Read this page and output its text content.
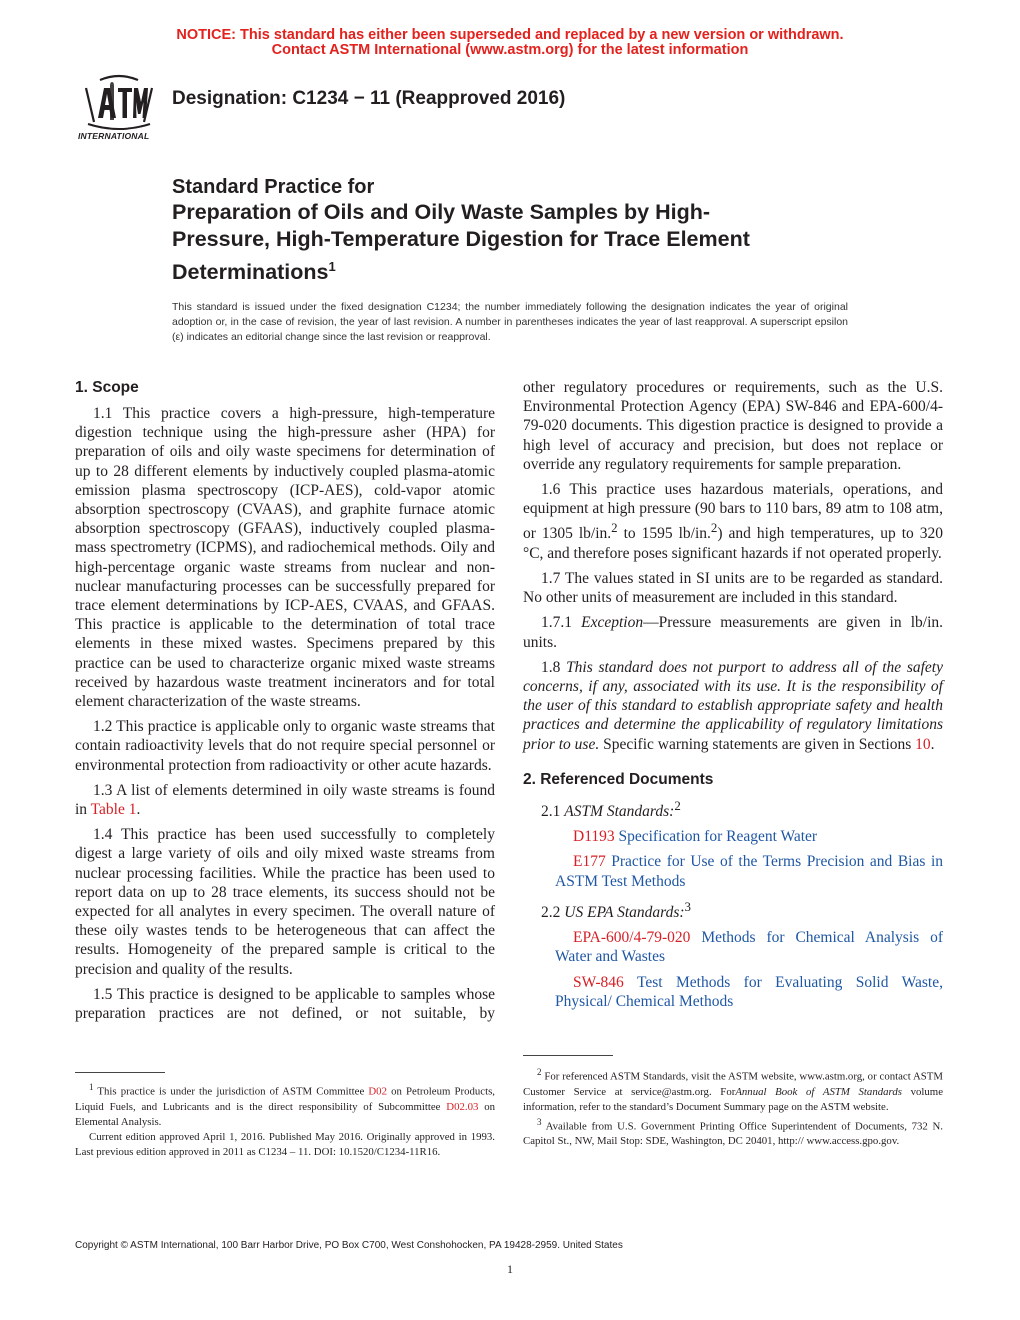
NOTICE: This standard has either been superseded and replaced by a new version or withdrawn.
Contact ASTM International (www.astm.org) for the latest information
INTERNATIONAL
Designation: C1234 − 11 (Reapproved 2016)
Standard Practice for
Preparation of Oils and Oily Waste Samples by High-
Pressure, High-Temperature Digestion for Trace Element
Determinations$^1$
This standard is issued under the fixed designation C1234; the number immediately following the designation indicates the year of original adoption or, in the case of revision, the year of last revision. A number in parentheses indicates the year of last reapproval. A superscript epsilon (ε) indicates an editorial change since the last revision or reapproval.
1. Scope

1.1 This practice covers a high-pressure, high-temperature digestion technique using the high-pressure asher (HPA) for preparation of oils and oily waste specimens for determination of up to 28 different elements by inductively coupled plasma-atomic emission plasma spectroscopy (ICP-AES), cold-vapor atomic absorption spectroscopy (CVAAS), and graphite furnace atomic absorption spectroscopy (GFAAS), inductively coupled plasma-mass spectrometry (ICPMS), and radiochemical methods. Oily and high-percentage organic waste streams from nuclear and non-nuclear manufacturing processes can be successfully prepared for trace element determinations by ICP-AES, CVAAS, and GFAAS. This practice is applicable to the determination of total trace elements in these mixed wastes. Specimens prepared by this practice can be used to characterize organic mixed waste streams received by hazardous waste treatment incinerators and for total element characterization of the waste streams.

1.2 This practice is applicable only to organic waste streams that contain radioactivity levels that do not require special personnel or environmental protection from radioactivity or other acute hazards.

1.3 A list of elements determined in oily waste streams is found in Table 1.

1.4 This practice has been used successfully to completely digest a large variety of oils and oily mixed waste streams from nuclear processing facilities. While the practice has been used to report data on up to 28 trace elements, its success should not be expected for all analytes in every specimen. The overall nature of these oily wastes tends to be heterogeneous that can affect the results. Homogeneity of the prepared sample is critical to the precision and quality of the results.

1.5 This practice is designed to be applicable to samples whose preparation practices are not defined, or not suitable, by

$^1$ This practice is under the jurisdiction of ASTM Committee D02 on Petroleum Products, Liquid Fuels, and Lubricants and is the direct responsibility of Subcommittee D02.03 on Elemental Analysis.

Current edition approved April 1, 2016. Published May 2016. Originally approved in 1993. Last previous edition approved in 2011 as C1234 – 11. DOI: 10.1520/C1234-11R16.

other regulatory procedures or requirements, such as the U.S. Environmental Protection Agency (EPA) SW-846 and EPA-600/4-79-020 documents. This digestion practice is designed to provide a high level of accuracy and precision, but does not replace or override any regulatory requirements for sample preparation.

1.6 This practice uses hazardous materials, operations, and equipment at high pressure (90 bars to 110 bars, 89 atm to 108 atm, or 1305 lb/in.$^2$ to 1595 lb/in.$^2$) and high temperatures, up to 320 °C, and therefore poses significant hazards if not operated properly.

1.7 The values stated in SI units are to be regarded as standard. No other units of measurement are included in this standard.

1.7.1 Exception—Pressure measurements are given in lb/in. units.

1.8 This standard does not purport to address all of the safety concerns, if any, associated with its use. It is the responsibility of the user of this standard to establish appropriate safety and health practices and determine the applicability of regulatory limitations prior to use. Specific warning statements are given in Sections 10.

2. Referenced Documents

2.1 ASTM Standards:$^2$

D1193 Specification for Reagent Water

E177 Practice for Use of the Terms Precision and Bias in ASTM Test Methods

2.2 US EPA Standards:$^3$

EPA-600/4-79-020 Methods for Chemical Analysis of Water and Wastes

SW-846 Test Methods for Evaluating Solid Waste, Physical/ Chemical Methods

$^2$ For referenced ASTM Standards, visit the ASTM website, www.astm.org, or contact ASTM Customer Service at service@astm.org. ForAnnual Book of ASTM Standards volume information, refer to the standard’s Document Summary page on the ASTM website.

$^3$ Available from U.S. Government Printing Office Superintendent of Documents, 732 N. Capitol St., NW, Mail Stop: SDE, Washington, DC 20401, http:// www.access.gpo.gov.

Copyright © ASTM International, 100 Barr Harbor Drive, PO Box C700, West Conshohocken, PA 19428-2959. United States
1
